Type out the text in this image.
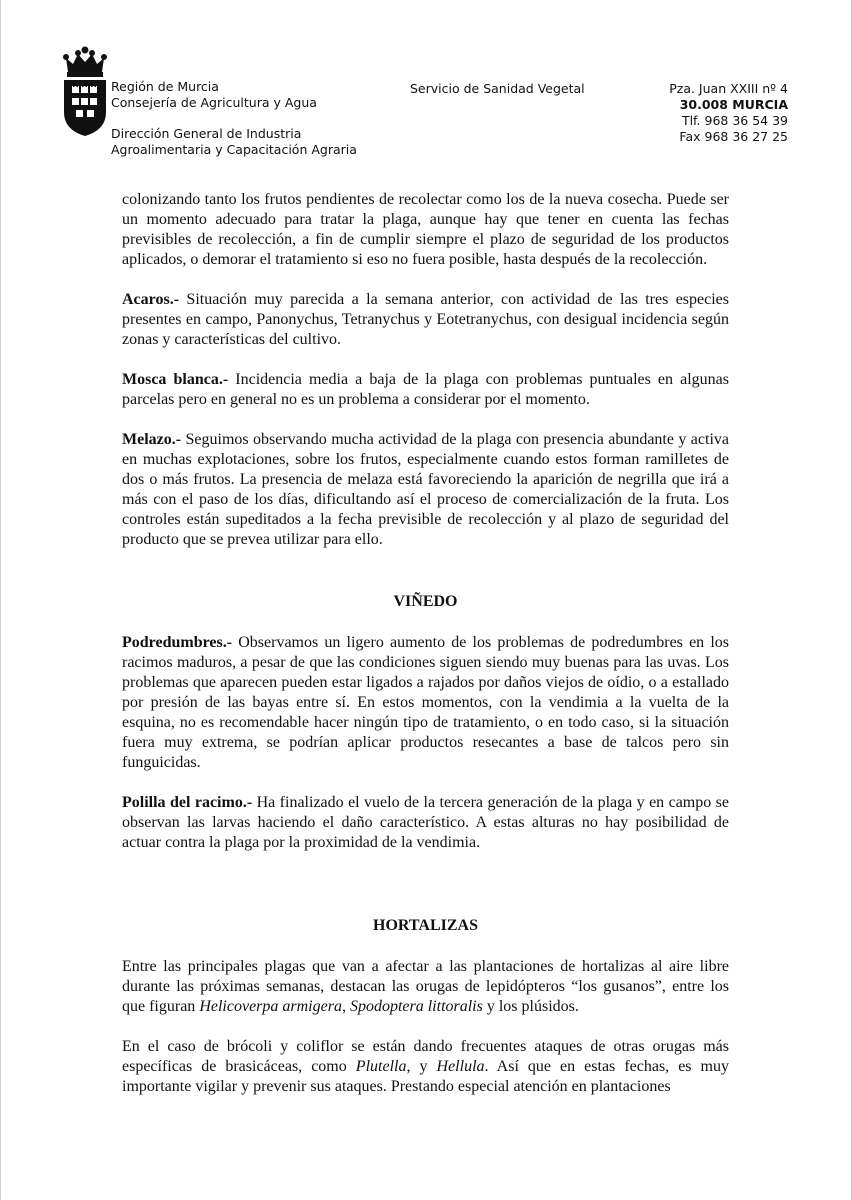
Región de Murcia
Consejería de Agricultura y Agua
Dirección General de Industria
Agroalimentaria y Capacitación Agraria
Servicio de Sanidad Vegetal	Pza. Juan XXIII nº 4
30.008 MURCIA
Tlf. 968 36 54 39
Fax 968 36 27 25

colonizando tanto los frutos pendientes de recolectar como los de la nueva cosecha. Puede ser un momento adecuado para tratar la plaga, aunque hay que tener en cuenta las fechas previsibles de recolección, a fin de cumplir siempre el plazo de seguridad de los productos aplicados, o demorar el tratamiento si eso no fuera posible, hasta después de la recolección.

Acaros.- Situación muy parecida a la semana anterior, con actividad de las tres especies presentes en campo, Panonychus, Tetranychus y Eotetranychus, con desigual incidencia según zonas y características del cultivo.

Mosca blanca.- Incidencia media a baja de la plaga con problemas puntuales en algunas parcelas pero en general no es un problema a considerar por el momento.

Melazo.- Seguimos observando mucha actividad de la plaga con presencia abundante y activa en muchas explotaciones, sobre los frutos, especialmente cuando estos forman ramilletes de dos o más frutos. La presencia de melaza está favoreciendo la aparición de negrilla que irá a más con el paso de los días, dificultando así el proceso de comercialización de la fruta. Los controles están supeditados a la fecha previsible de recolección y al plazo de seguridad del producto que se prevea utilizar para ello.

VIÑEDO

Podredumbres.- Observamos un ligero aumento de los problemas de podredumbres en los racimos maduros, a pesar de que las condiciones siguen siendo muy buenas para las uvas. Los problemas que aparecen pueden estar ligados a rajados por daños viejos de oídio, o a estallado por presión de las bayas entre sí. En estos momentos, con la vendimia a la vuelta de la esquina, no es recomendable hacer ningún tipo de tratamiento, o en todo caso, si la situación fuera muy extrema, se podrían aplicar productos resecantes a base de talcos pero sin funguicidas.

Polilla del racimo.- Ha finalizado el vuelo de la tercera generación de la plaga y en campo se observan las larvas haciendo el daño característico. A estas alturas no hay posibilidad de actuar contra la plaga por la proximidad de la vendimia.

HORTALIZAS

Entre las principales plagas que van a afectar a las plantaciones de hortalizas al aire libre durante las próximas semanas, destacan las orugas de lepidópteros “los gusanos”, entre los que figuran Helicoverpa armigera, Spodoptera littoralis y los plúsidos.

En el caso de brócoli y coliflor se están dando frecuentes ataques de otras orugas más específicas de brasicáceas, como Plutella, y Hellula. Así que en estas fechas, es muy importante vigilar y prevenir sus ataques. Prestando especial atención en plantaciones
